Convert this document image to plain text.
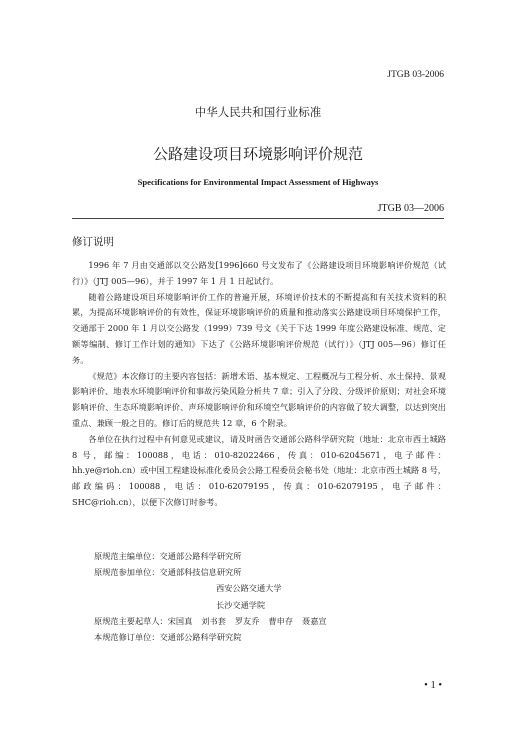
JTGB 03-2006
中华人民共和国行业标准
公路建设项目环境影响评价规范
Specifications for Environmental Impact Assessment of Highways
JTGB 03—2006
修订说明

1996 年 7 月由交通部以交公路发[1996]660 号文发布了《公路建设项目环境影响评价规范（试行）》（JTJ 005—96），并于 1997 年 1 月 1 日起试行。

随着公路建设项目环境影响评价工作的普遍开展，环境评价技术的不断提高和有关技术资料的积累，为提高环境影响评价的有效性，保证环境影响评价的质量和推动落实公路建设项目环境保护工作，交通部于 2000 年 1 月以交公路发（1999）739 号文《关于下达 1999 年度公路建设标准、规范、定额等编制、修订工作计划的通知》下达了《公路环境影响评价规范（试行）》（JTJ 005—96）修订任务。

《规范》本次修订的主要内容包括：新增术语、基本规定、工程概况与工程分析、水土保持、景观影响评价、地表水环境影响评价和事故污染风险分析共 7 章；引入了分段、分级评价原则；对社会环境影响评价、生态环境影响评价、声环境影响评价和环境空气影响评价的内容做了较大调整，以达到突出重点、兼顾一般之目的。修订后的规范共 12 章，6 个附录。

各单位在执行过程中有何意见或建议，请及时函告交通部公路科学研究院（地址：北京市西土城路 8 号，邮编：100088，电话：010-82022466，传真：010-62045671，电子邮件：hh.ye@rioh.cn）或中国工程建设标准化委员会公路工程委员会秘书处（地址：北京市西土城路 8 号，邮政编码：100088，电话：010-62079195，传真：010-62079195，电子邮件：SHC@rioh.cn），以便下次修订时参考。

原规范主编单位：交通部公路科学研究所
原规范参加单位：交通部科技信息研究所
西安公路交通大学
长沙交通学院
原规范主要起草人：宋国真 刘书套 罗友乔 曹申存 聂嘉宣
本规范修订单位：交通部公路科学研究院
• 1 •
